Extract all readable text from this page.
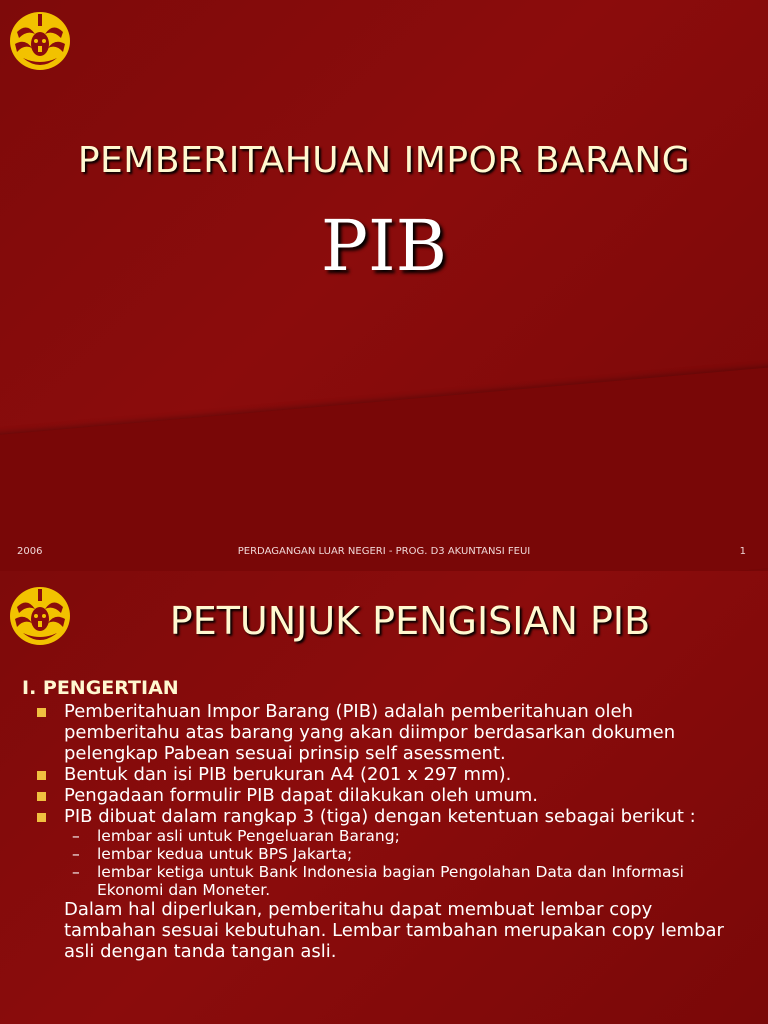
PEMBERITAHUAN IMPOR BARANG
PIB
2006	PERDAGANGAN LUAR NEGERI - PROG. D3 AKUNTANSI FEUI	1
PETUNJUK PENGISIAN PIB
I. PENGERTIAN
Pemberitahuan Impor Barang (PIB) adalah pemberitahuan oleh pemberitahu atas barang yang akan diimpor berdasarkan dokumen pelengkap Pabean sesuai prinsip self asessment.
Bentuk dan isi PIB berukuran A4 (201 x 297 mm).
Pengadaan formulir PIB dapat dilakukan oleh umum.
PIB dibuat dalam rangkap 3 (tiga) dengan ketentuan sebagai berikut :
– lembar asli untuk Pengeluaran Barang;
– lembar kedua untuk BPS Jakarta;
– lembar ketiga untuk Bank Indonesia bagian Pengolahan Data dan Informasi Ekonomi dan Moneter.
Dalam hal diperlukan, pemberitahu dapat membuat lembar copy tambahan sesuai kebutuhan. Lembar tambahan merupakan copy lembar asli dengan tanda tangan asli.
